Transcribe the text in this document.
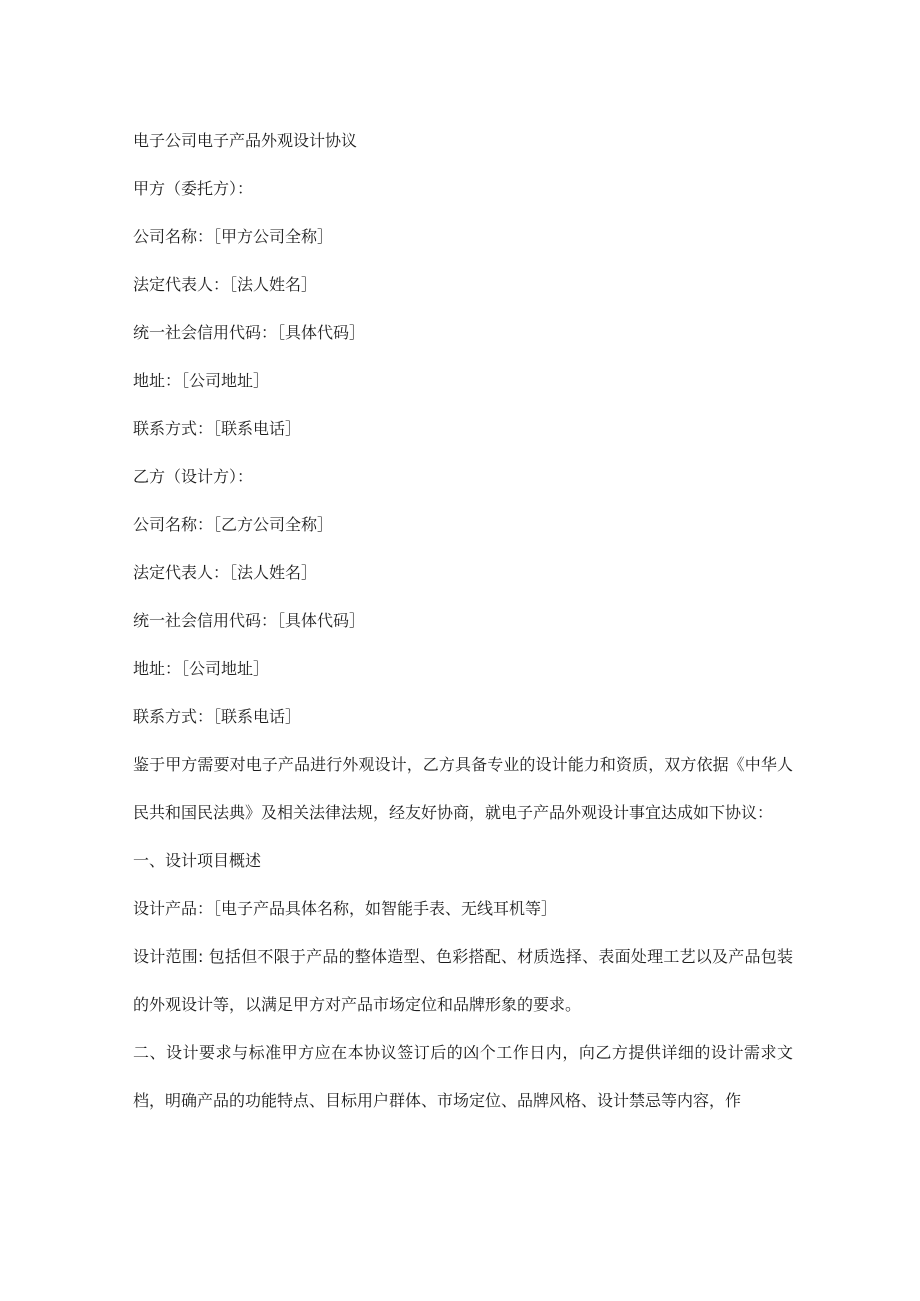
电子公司电子产品外观设计协议

甲方（委托方）：

公司名称：［甲方公司全称］

法定代表人：［法人姓名］

统一社会信用代码：［具体代码］

地址：［公司地址］

联系方式：［联系电话］

乙方（设计方）：

公司名称：［乙方公司全称］

法定代表人：［法人姓名］

统一社会信用代码：［具体代码］

地址：［公司地址］

联系方式：［联系电话］

鉴于甲方需要对电子产品进行外观设计，乙方具备专业的设计能力和资质，双方依据《中华人民共和国民法典》及相关法律法规，经友好协商，就电子产品外观设计事宜达成如下协议：

一、设计项目概述

设计产品：［电子产品具体名称，如智能手表、无线耳机等］

设计范围: 包括但不限于产品的整体造型、色彩搭配、材质选择、表面处理工艺以及产品包装的外观设计等，以满足甲方对产品市场定位和品牌形象的要求。

二、设计要求与标准甲方应在本协议签订后的凶个工作日内，向乙方提供详细的设计需求文档，明确产品的功能特点、目标用户群体、市场定位、品牌风格、设计禁忌等内容，作
